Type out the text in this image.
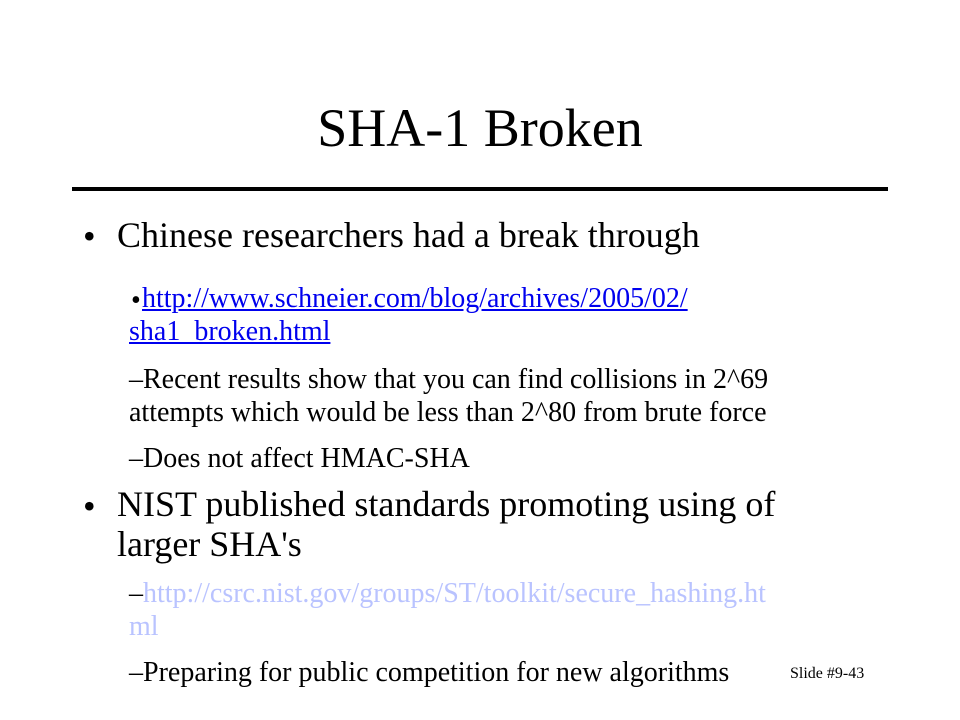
SHA-1 Broken
• Chinese researchers had a break through
• http://www.schneier.com/blog/archives/2005/02/
sha1_broken.html
–Recent results show that you can find collisions in 2^69 attempts which would be less than 2^80 from brute force
–Does not affect HMAC-SHA
• NIST published standards promoting using of larger SHA's
–http://csrc.nist.gov/groups/ST/toolkit/secure_hashing.ht
ml
–Preparing for public competition for new algorithms	Slide #9-43
